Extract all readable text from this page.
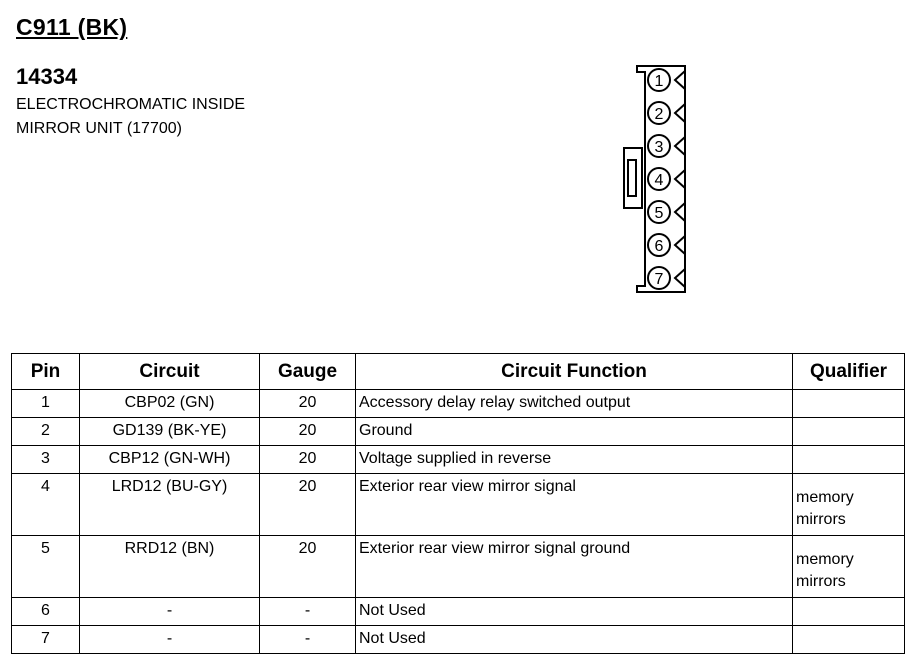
C911 (BK)
14334
ELECTROCHROMATIC INSIDE
MIRROR UNIT (17700)
1
2
3
4
5
6
7
Pin	Circuit	Gauge	Circuit Function	Qualifier
1	CBP02 (GN)	20	Accessory delay relay switched output	
2	GD139 (BK-YE)	20	Ground	
3	CBP12 (GN-WH)	20	Voltage supplied in reverse	
4	LRD12 (BU-GY)	20	Exterior rear view mirror signal	memory mirrors
5	RRD12 (BN)	20	Exterior rear view mirror signal ground	memory mirrors
6	-	-	Not Used	
7	-	-	Not Used	
